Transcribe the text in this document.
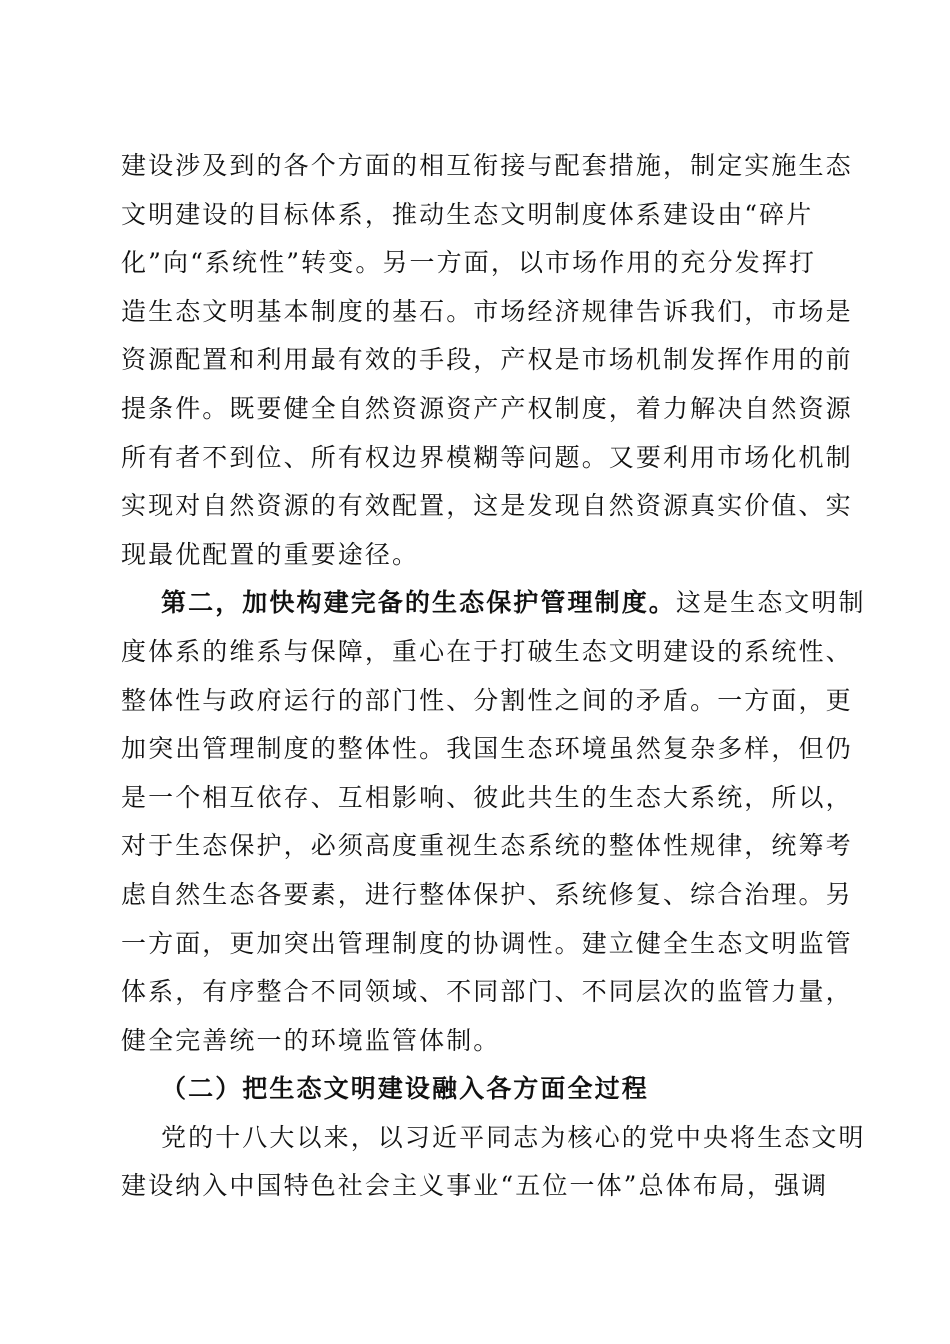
建设涉及到的各个方面的相互衔接与配套措施，制定实施生态
文明建设的目标体系，推动生态文明制度体系建设由“碎片
化”向“系统性”转变。另一方面，以市场作用的充分发挥打
造生态文明基本制度的基石。市场经济规律告诉我们，市场是
资源配置和利用最有效的手段，产权是市场机制发挥作用的前
提条件。既要健全自然资源资产产权制度，着力解决自然资源
所有者不到位、所有权边界模糊等问题。又要利用市场化机制
实现对自然资源的有效配置，这是发现自然资源真实价值、实
现最优配置的重要途径。
第二，加快构建完备的生态保护管理制度。这是生态文明制
度体系的维系与保障，重心在于打破生态文明建设的系统性、
整体性与政府运行的部门性、分割性之间的矛盾。一方面，更
加突出管理制度的整体性。我国生态环境虽然复杂多样，但仍
是一个相互依存、互相影响、彼此共生的生态大系统，所以，
对于生态保护，必须高度重视生态系统的整体性规律，统筹考
虑自然生态各要素，进行整体保护、系统修复、综合治理。另
一方面，更加突出管理制度的协调性。建立健全生态文明监管
体系，有序整合不同领域、不同部门、不同层次的监管力量，
健全完善统一的环境监管体制。
（二）把生态文明建设融入各方面全过程
党的十八大以来，以习近平同志为核心的党中央将生态文明
建设纳入中国特色社会主义事业“五位一体”总体布局，强调
